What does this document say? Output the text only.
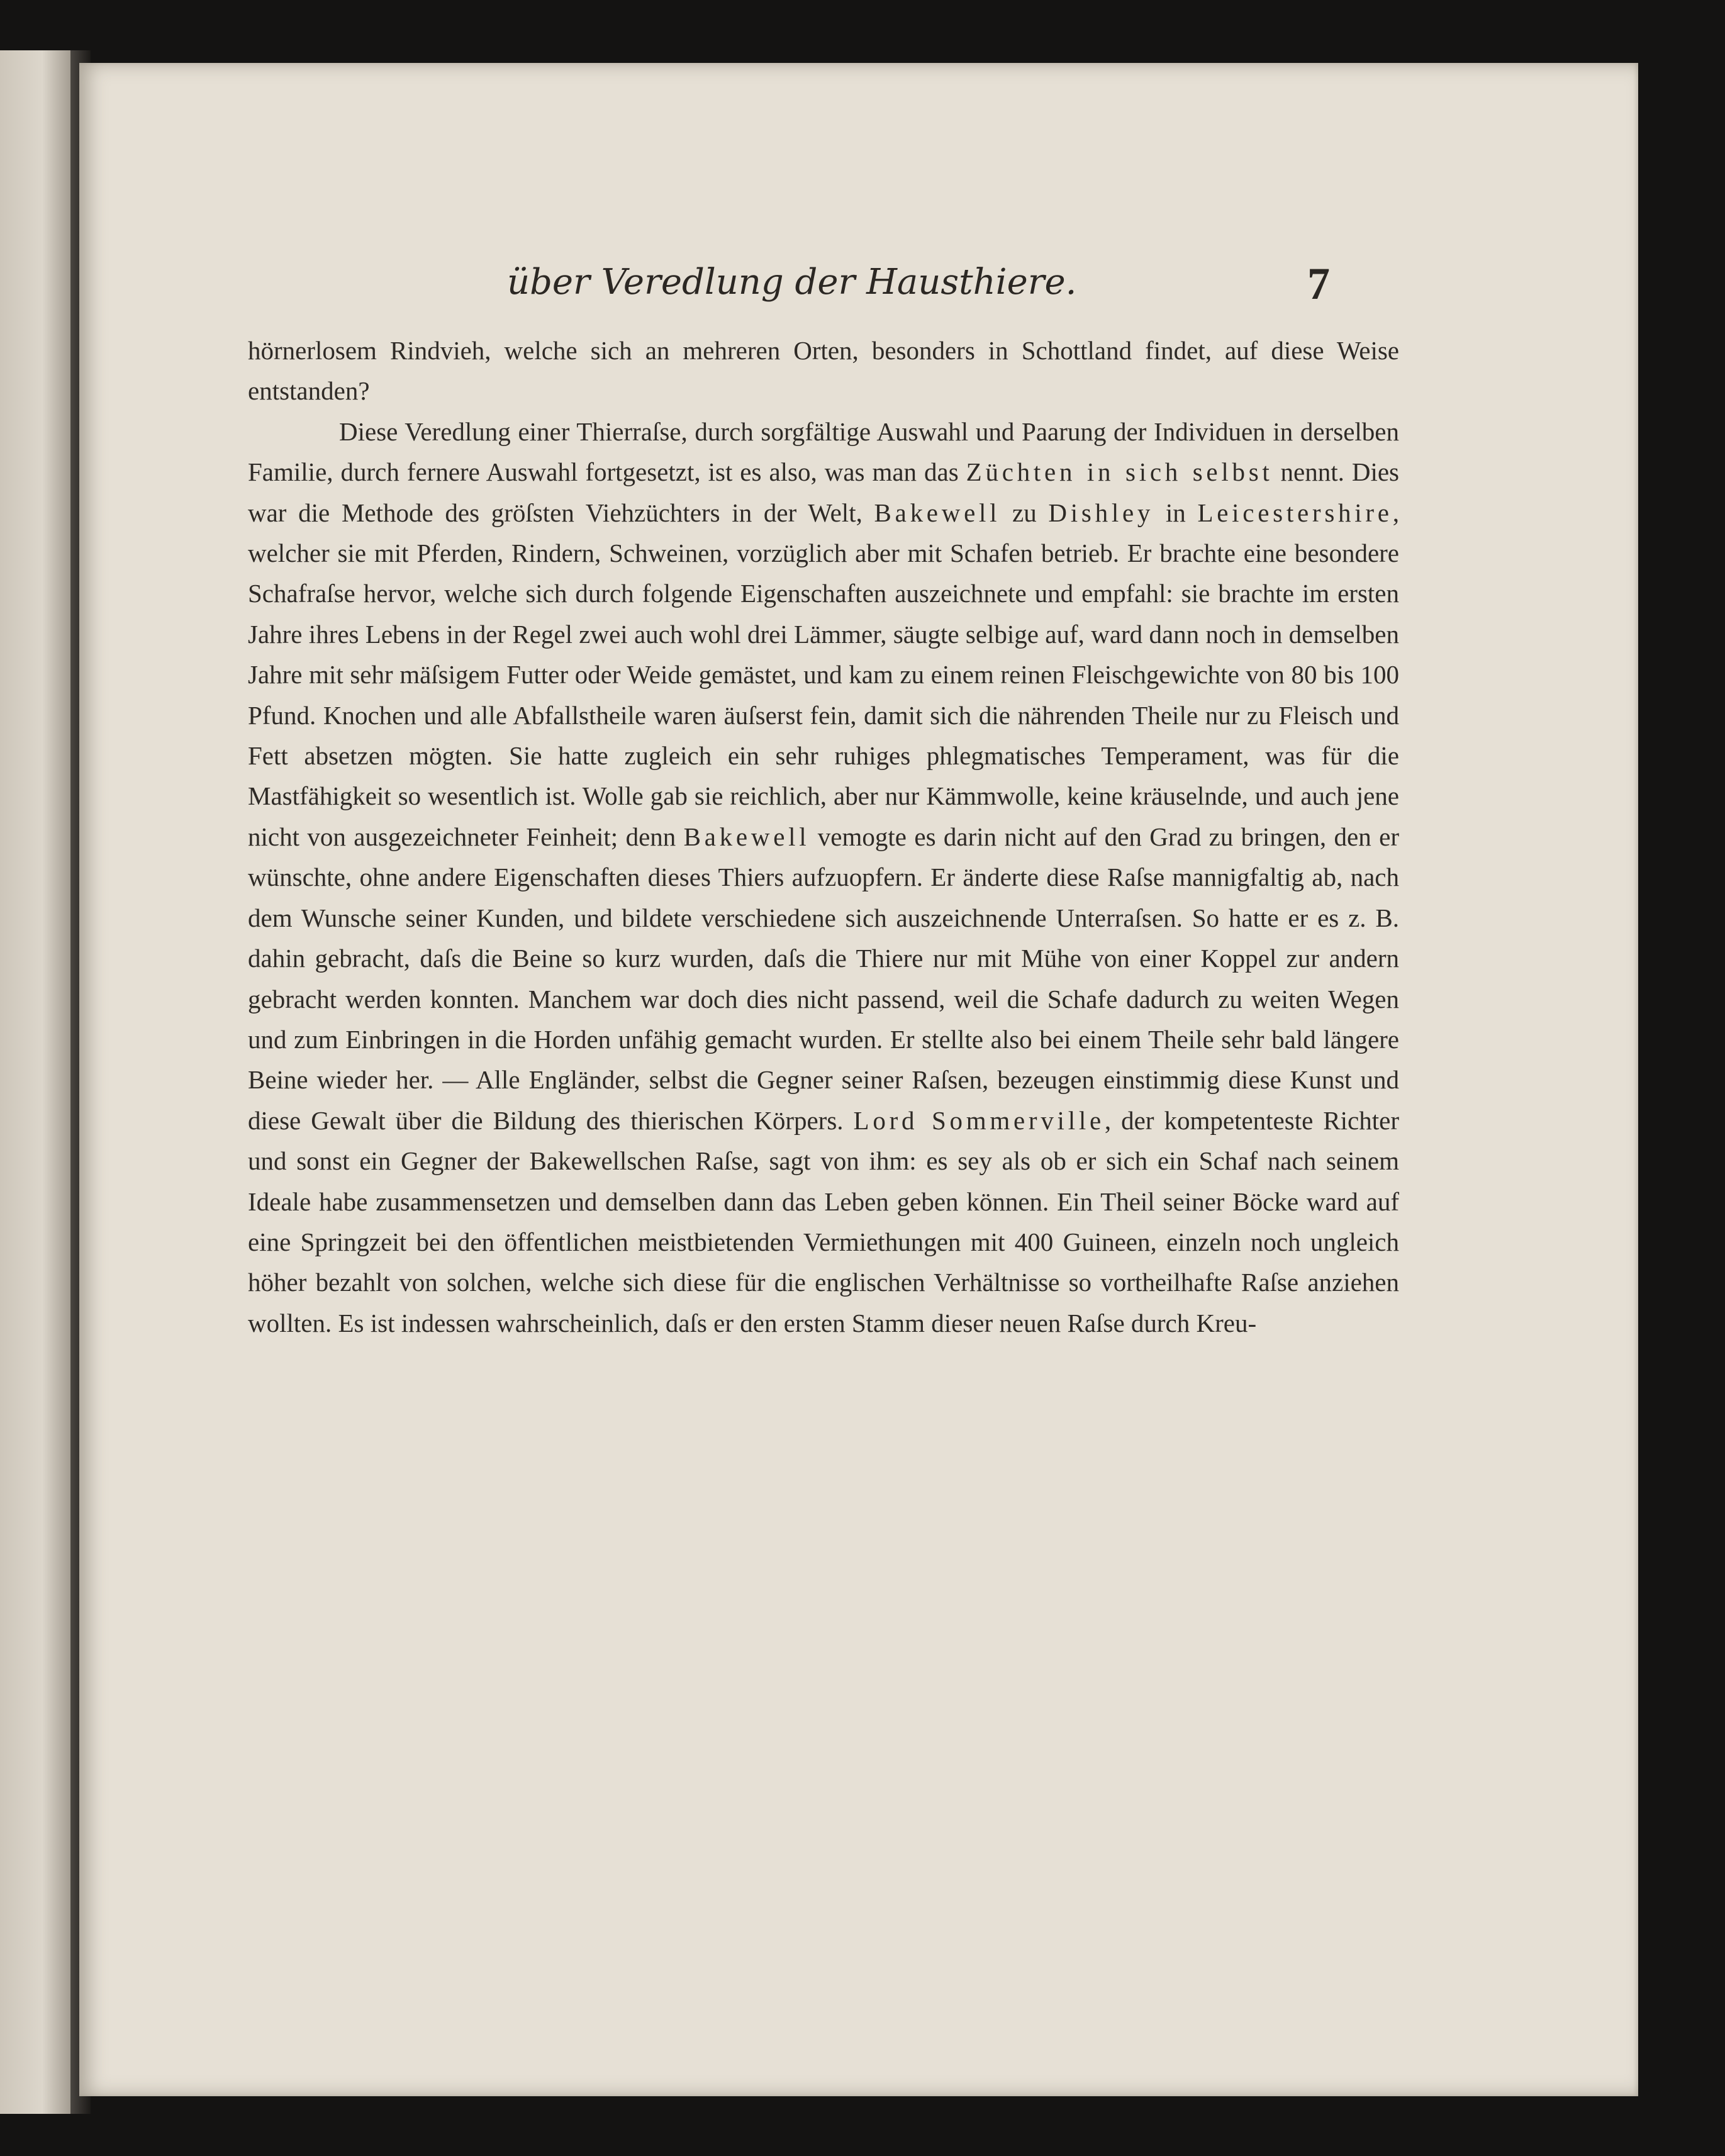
über Veredlung der Hausthiere.	7

hörnerlosem Rindvieh, welche sich an mehreren Orten, besonders in Schottland findet, auf diese Weise entstanden?

Diese Veredlung einer Thierraſse, durch sorgfältige Auswahl und Paarung der Individuen in derselben Familie, durch fernere Auswahl fortgesetzt, ist es also, was man das Züchten in sich selbst nennt. Dies war die Methode des gröſsten Viehzüchters in der Welt, Bakewell zu Dishley in Leicestershire, welcher sie mit Pferden, Rindern, Schweinen, vorzüglich aber mit Schafen betrieb. Er brachte eine besondere Schafraſse hervor, welche sich durch folgende Eigenschaften auszeichnete und empfahl: sie brachte im ersten Jahre ihres Lebens in der Regel zwei auch wohl drei Lämmer, säugte selbige auf, ward dann noch in demselben Jahre mit sehr mäſsigem Futter oder Weide gemästet, und kam zu einem reinen Fleischgewichte von 80 bis 100 Pfund. Knochen und alle Abfallstheile waren äuſserst fein, damit sich die nährenden Theile nur zu Fleisch und Fett absetzen mögten. Sie hatte zugleich ein sehr ruhiges phlegmatisches Temperament, was für die Mastfähigkeit so wesentlich ist. Wolle gab sie reichlich, aber nur Kämmwolle, keine kräuselnde, und auch jene nicht von ausgezeichneter Feinheit; denn Bakewell vemogte es darin nicht auf den Grad zu bringen, den er wünschte, ohne andere Eigenschaften dieses Thiers aufzuopfern. Er änderte diese Raſse mannigfaltig ab, nach dem Wunsche seiner Kunden, und bildete verschiedene sich auszeichnende Unterraſsen. So hatte er es z. B. dahin gebracht, daſs die Beine so kurz wurden, daſs die Thiere nur mit Mühe von einer Koppel zur andern gebracht werden konnten. Manchem war doch dies nicht passend, weil die Schafe dadurch zu weiten Wegen und zum Einbringen in die Horden unfähig gemacht wurden. Er stellte also bei einem Theile sehr bald längere Beine wieder her. — Alle Engländer, selbst die Gegner seiner Raſsen, bezeugen einstimmig diese Kunst und diese Gewalt über die Bildung des thierischen Körpers. Lord Sommerville, der kompetenteste Richter und sonst ein Gegner der Bakewellschen Raſse, sagt von ihm: es sey als ob er sich ein Schaf nach seinem Ideale habe zusammensetzen und demselben dann das Leben geben können. Ein Theil seiner Böcke ward auf eine Springzeit bei den öffentlichen meistbietenden Vermiethungen mit 400 Guineen, einzeln noch ungleich höher bezahlt von solchen, welche sich diese für die englischen Verhältnisse so vortheilhafte Raſse anziehen wollten. Es ist indessen wahrscheinlich, daſs er den ersten Stamm dieser neuen Raſse durch Kreu-
